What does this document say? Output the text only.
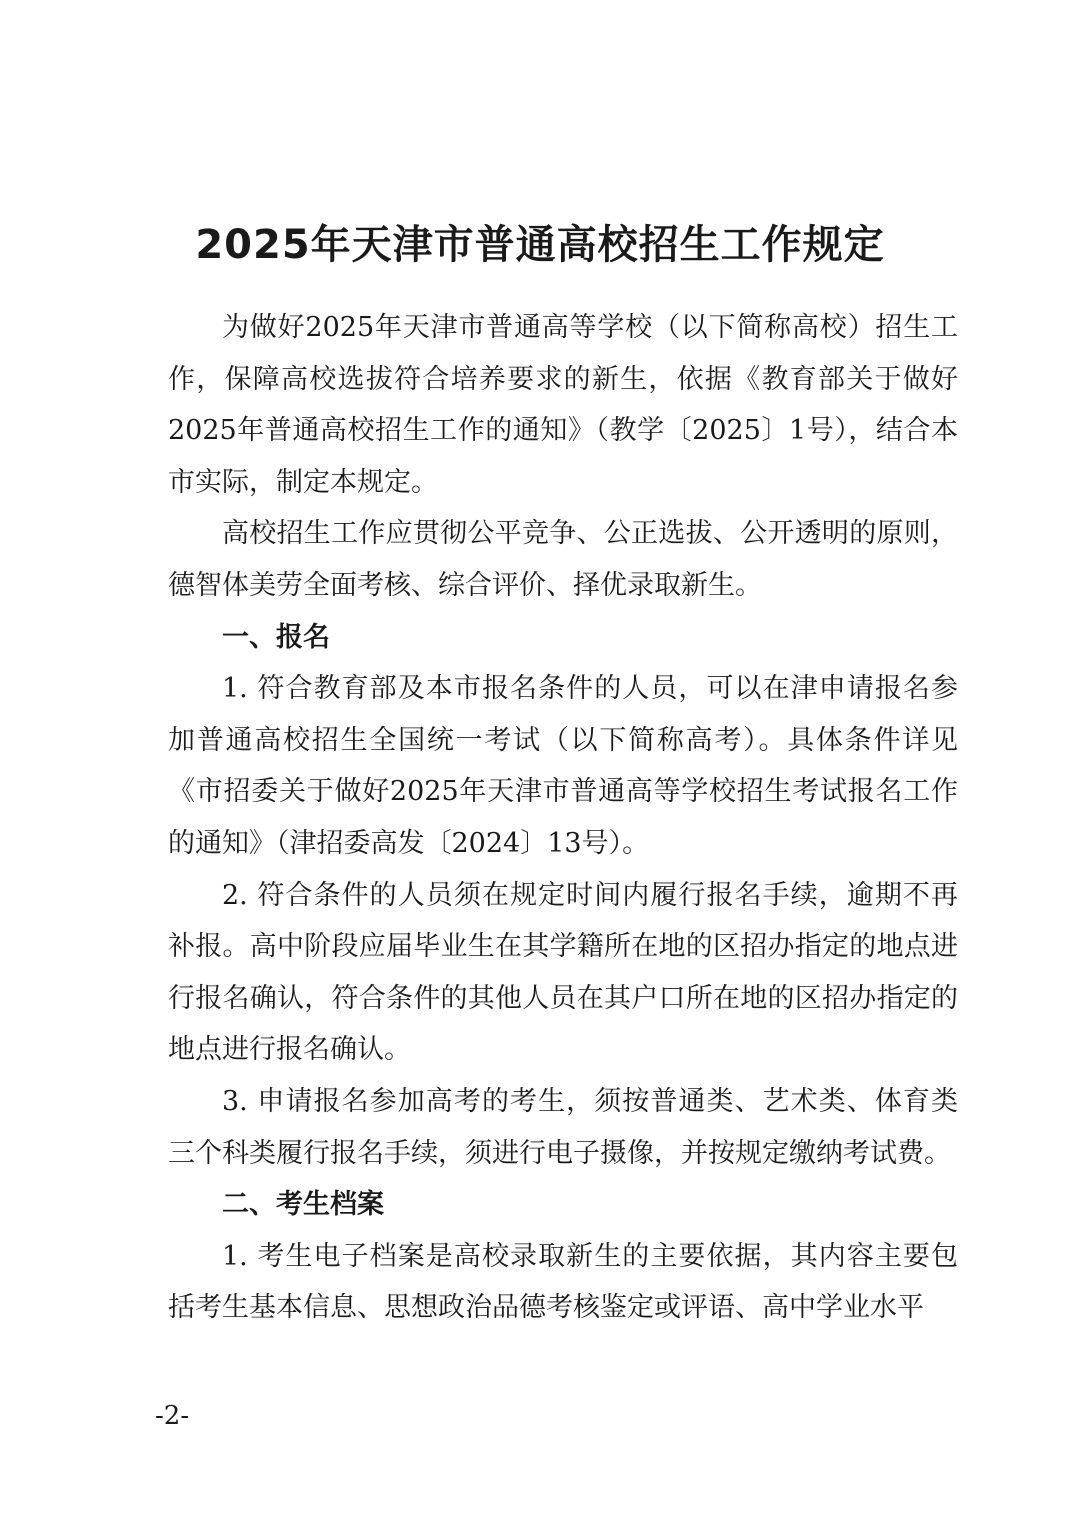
2025年天津市普通高校招生工作规定

为做好2025年天津市普通高等学校（以下简称高校）招生工作，保障高校选拔符合培养要求的新生，依据《教育部关于做好2025年普通高校招生工作的通知》（教学〔2025〕1号），结合本市实际，制定本规定。

高校招生工作应贯彻公平竞争、公正选拔、公开透明的原则，德智体美劳全面考核、综合评价、择优录取新生。

一、报名

1. 符合教育部及本市报名条件的人员，可以在津申请报名参加普通高校招生全国统一考试（以下简称高考）。具体条件详见《市招委关于做好2025年天津市普通高等学校招生考试报名工作的通知》（津招委高发〔2024〕13号）。

2. 符合条件的人员须在规定时间内履行报名手续，逾期不再补报。高中阶段应届毕业生在其学籍所在地的区招办指定的地点进行报名确认，符合条件的其他人员在其户口所在地的区招办指定的地点进行报名确认。

3. 申请报名参加高考的考生，须按普通类、艺术类、体育类三个科类履行报名手续，须进行电子摄像，并按规定缴纳考试费。

二、考生档案

1. 考生电子档案是高校录取新生的主要依据，其内容主要包括考生基本信息、思想政治品德考核鉴定或评语、高中学业水平

-2-
